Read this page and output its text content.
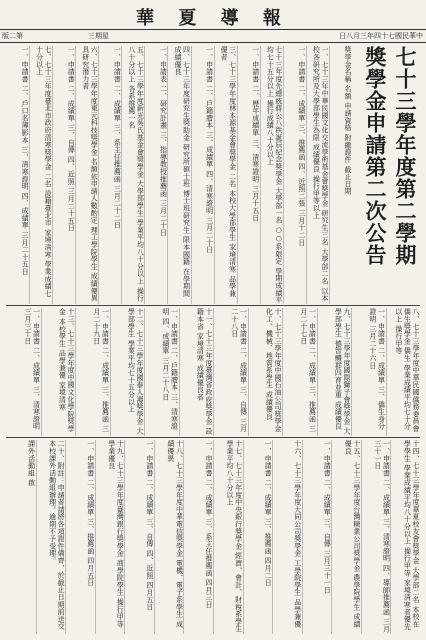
華 夏 導 報
版二第	三期星	日八月三年四十七國民華中
七十三學年度第二學期
獎學金申請第二次公告
獎學金名稱 名額 申請資格 附繳證件 截止日期
一、七十三年中華民國文化交流學術基金會獎學金 研究生三名 大學部二名 以本校各研究所及大學部學生為限 成績優良 操行甲等以上
一、申請書 二、成績單 三、推薦函 四、近照二張 三月十二日
七十三年度先總統蔣公八秩誕辰紀念獎學金 大學部一名 ○○系限定 學期成績平均七十五分以上 操行成績八十分以上
一、申請書 二、歷年成績單 三、清寒證明 三月十五日
三、七十三學年度林本源基金會獎學金 二名 本校大學部學生 家境清寒 品學兼優者
一、申請書 二、戶籍謄本 三、成績單 四、清寒證明 三月二十日
四、七十三年度研究生獎助金 研究所碩士班 博士班研究生 限本國籍 在學期間成績優良
一、申請表 二、研究計畫 三、指導教授推薦函 三月二十日
五、七十三學年度新光吳氏基金會獎學金 大學部學生 學業平均八十分以上 操行八十分以上 各系推薦一名
一、申請書 二、成績單 三、系主任推薦函 三月二十二日
六、七十三學年度東元科技獎學金 名額依申請人數酌定 理工學院學生 成績優異 具研究潛力者
一、申請書 二、成績單 三、自傳 四、近照 三月二十五日
七、七十三年度臺北市政府清寒獎學金 二名 設籍臺北市 家境清寒 學業成績七十分以上
一、申請書 二、戶口名簿影本 三、清寒證明 四、成績單 三月二十五日
八、七十三學年度中華民國僑務委員會僑生獎學金 僑生 學業成績平均七十分以上 操行甲等
一、申請書 二、成績單 三、僑生身分證明 三月二十六日
九、七十三學年度國際獅子會獎學金 大學部學生 德智體群四育並重 成績優良
一、申請書 二、成績單 三、推薦函 三月二十七日
十、七十三學年度中國石油公司獎學金 化工、機械、地質系學生 成績優良
一、申請書 二、成績單 三、自傳 三月二十八日
十一、七十三年度臺灣省政府獎學金 設籍本省 家境清寒 成績優良者
一、申請書 二、戶籍謄本 三、清寒證明 四、成績單 三月二十八日
十二、七十三學年度國泰人壽獎學金 大學部學生 學業平均七十五分以上
一、申請書 二、成績單 三、推薦函 三月二十九日
十三、七十三學年度中國文化學院獎學金 本校學生 品學兼優 家境清寒
一、申請書 二、成績單 三、清寒證明 三月三十日
十四、七十三學年度華夏校友會獎學金 大學部二名 本校在學學生 學業成績平均八十分以上 操行甲等 家境清寒者優先
一、申請書 二、成績單 三、清寒證明 四、導師推薦函 三月三十一日
十五、七十三學年度台灣糖業公司獎學金 農學院學生 成績優良
一、申請書 二、成績單 三、自傳 三月三十一日
十六、七十三學年度大同公司獎學金 工學院學生 品學兼優
一、申請書 二、成績單 三、推薦函 四月二日
十七、七十三年度中央銀行獎學金 經濟、會計、財稅系學生 學業平均八十分以上
一、申請書 二、成績單 三、系主任推薦函 四月三日
十八、七十三學年度中華電信獎學金 電機、電子系學生 成績優異
一、申請書 二、成績單 三、自傳 四、近照 四月五日
十九、七十三學年度臺灣銀行獎學金 商學院學生 操行甲等 學業優良
一、申請書 二、成績單 三、推薦函 四月五日
二十、附註：申請者請將各項證件備齊，於截止日期前送交本校課外活動組辦理，逾期不予受理。
課外活動組 啟
